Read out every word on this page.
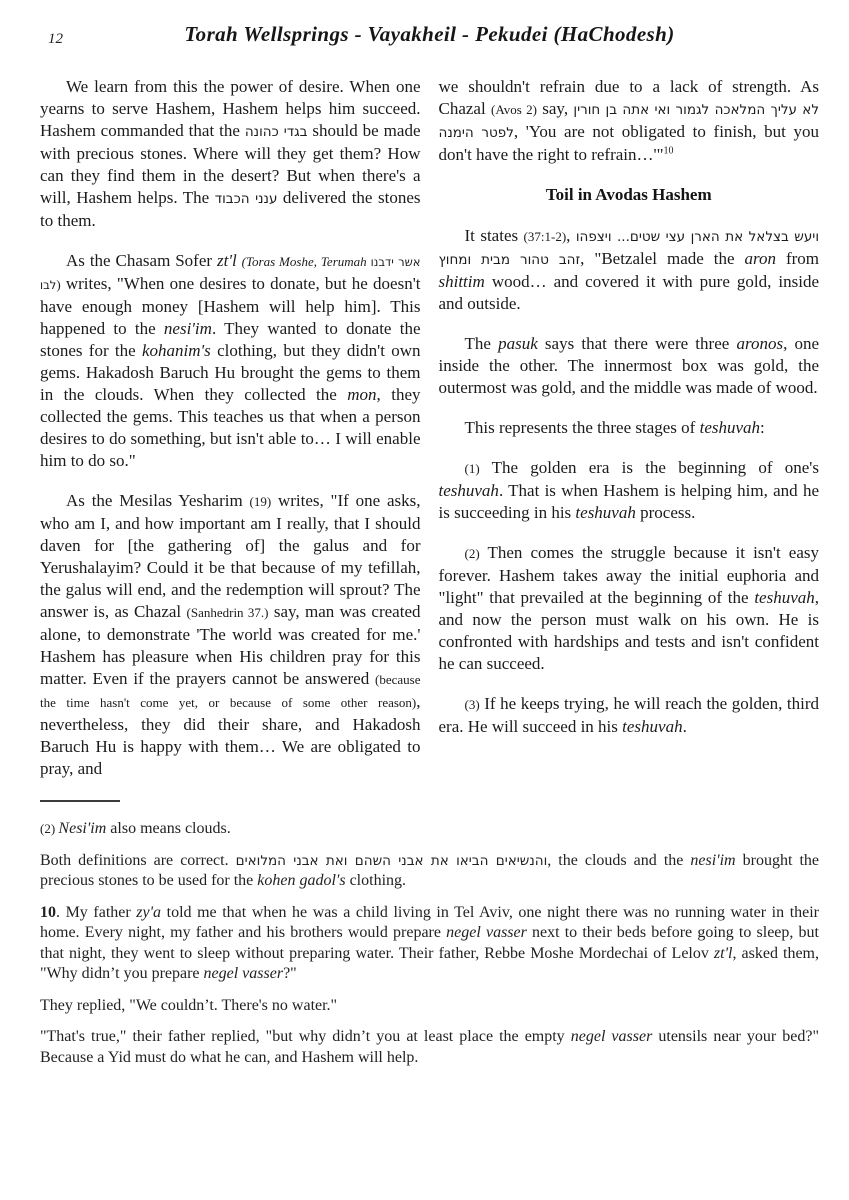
12	Torah Wellsprings - Vayakheil - Pekudei (HaChodesh)

We learn from this the power of desire. When one yearns to serve Hashem, Hashem helps him succeed. Hashem commanded that the בגדי כהונה should be made with precious stones. Where will they get them? How can they find them in the desert? But when there's a will, Hashem helps. The ענני הכבוד delivered the stones to them.

As the Chasam Sofer zt'l (Toras Moshe, Terumah אשר ידבנו לבו) writes, "When one desires to donate, but he doesn't have enough money [Hashem will help him]. This happened to the nesi'im. They wanted to donate the stones for the kohanim's clothing, but they didn't own gems. Hakadosh Baruch Hu brought the gems to them in the clouds. When they collected the mon, they collected the gems. This teaches us that when a person desires to do something, but isn't able to… I will enable him to do so."

As the Mesilas Yesharim (19) writes, "If one asks, who am I, and how important am I really, that I should daven for [the gathering of] the galus and for Yerushalayim? Could it be that because of my tefillah, the galus will end, and the redemption will sprout? The answer is, as Chazal (Sanhedrin 37.) say, man was created alone, to demonstrate 'The world was created for me.' Hashem has pleasure when His children pray for this matter. Even if the prayers cannot be answered (because the time hasn't come yet, or because of some other reason), nevertheless, they did their share, and Hakadosh Baruch Hu is happy with them… We are obligated to pray, and

we shouldn't refrain due to a lack of strength. As Chazal (Avos 2) say, לא עליך המלאכה לגמור ואי אתה בן חורין לפטר הימנה, 'You are not obligated to finish, but you don't have the right to refrain…'"$^{10}$

Toil in Avodas Hashem

It states (37:1-2), ויעש בצלאל את הארן עצי שטים... ויצפהו זהב טהור מבית ומחוץ, "Betzalel made the aron from shittim wood… and covered it with pure gold, inside and outside.

The pasuk says that there were three aronos, one inside the other. The innermost box was gold, the outermost was gold, and the middle was made of wood.

This represents the three stages of teshuvah:

(1) The golden era is the beginning of one's teshuvah. That is when Hashem is helping him, and he is succeeding in his teshuvah process.

(2) Then comes the struggle because it isn't easy forever. Hashem takes away the initial euphoria and "light" that prevailed at the beginning of the teshuvah, and now the person must walk on his own. He is confronted with hardships and tests and isn't confident he can succeed.

(3) If he keeps trying, he will reach the golden, third era. He will succeed in his teshuvah.

(2) Nesi'im also means clouds.

Both definitions are correct. והנשיאים הביאו את אבני השהם ואת אבני המלואים, the clouds and the nesi'im brought the precious stones to be used for the kohen gadol's clothing.

10. My father zy'a told me that when he was a child living in Tel Aviv, one night there was no running water in their home. Every night, my father and his brothers would prepare negel vasser next to their beds before going to sleep, but that night, they went to sleep without preparing water. Their father, Rebbe Moshe Mordechai of Lelov zt'l, asked them, "Why didn’t you prepare negel vasser?"

They replied, "We couldn’t. There's no water."

"That's true," their father replied, "but why didn’t you at least place the empty negel vasser utensils near your bed?" Because a Yid must do what he can, and Hashem will help.
